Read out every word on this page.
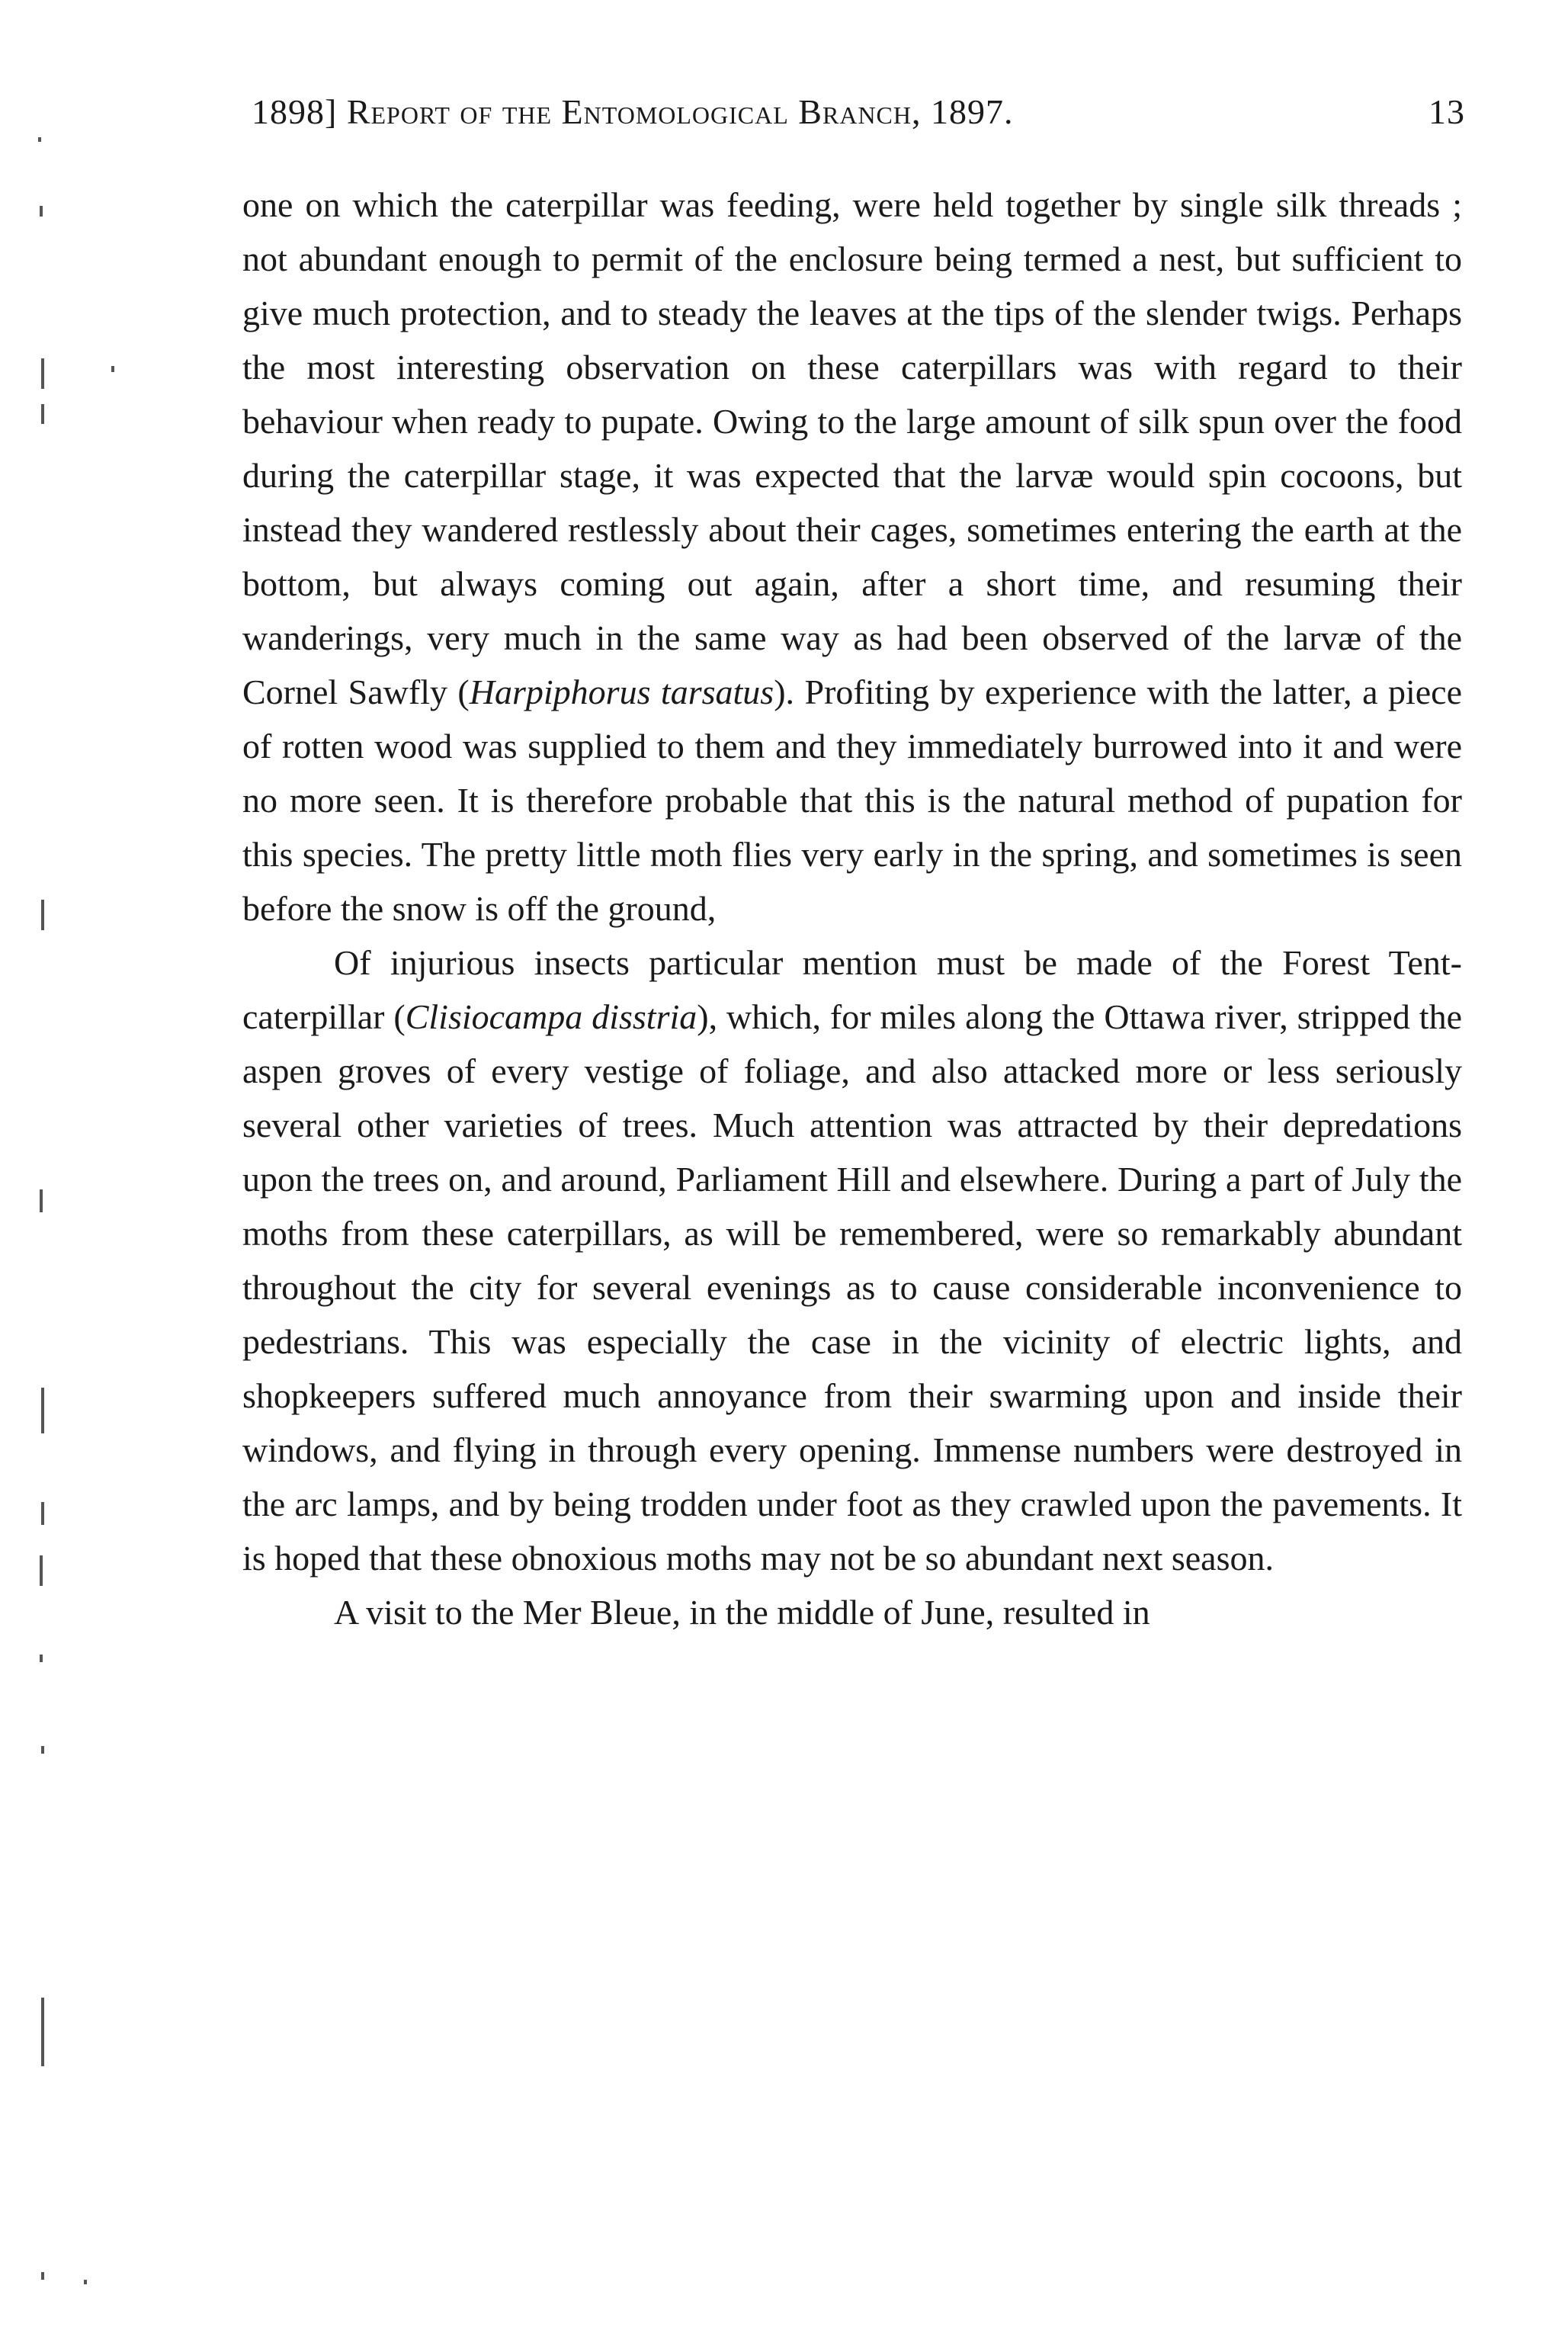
1898] Report of the Entomological Branch, 1897.	13

one on which the caterpillar was feeding, were held together by single silk threads ; not abundant enough to permit of the enclosure being termed a nest, but sufficient to give much protection, and to steady the leaves at the tips of the slender twigs. Perhaps the most interesting observation on these caterpillars was with regard to their behaviour when ready to pupate. Owing to the large amount of silk spun over the food during the caterpillar stage, it was expected that the larvæ would spin cocoons, but instead they wandered restlessly about their cages, sometimes entering the earth at the bottom, but always coming out again, after a short time, and resuming their wanderings, very much in the same way as had been observed of the larvæ of the Cornel Sawfly (Harpiphorus tarsatus). Profiting by experience with the latter, a piece of rotten wood was supplied to them and they immediately burrowed into it and were no more seen. It is therefore probable that this is the natural method of pupation for this species. The pretty little moth flies very early in the spring, and sometimes is seen before the snow is off the ground,

Of injurious insects particular mention must be made of the Forest Tent-caterpillar (Clisiocampa disstria), which, for miles along the Ottawa river, stripped the aspen groves of every vestige of foliage, and also attacked more or less seriously several other varieties of trees. Much attention was attracted by their depredations upon the trees on, and around, Parliament Hill and elsewhere. During a part of July the moths from these caterpillars, as will be remembered, were so remarkably abundant throughout the city for several evenings as to cause considerable inconvenience to pedestrians. This was especially the case in the vicinity of electric lights, and shopkeepers suffered much annoyance from their swarming upon and inside their windows, and flying in through every opening. Immense numbers were destroyed in the arc lamps, and by being trodden under foot as they crawled upon the pavements. It is hoped that these obnoxious moths may not be so abundant next season.

A visit to the Mer Bleue, in the middle of June, resulted in
